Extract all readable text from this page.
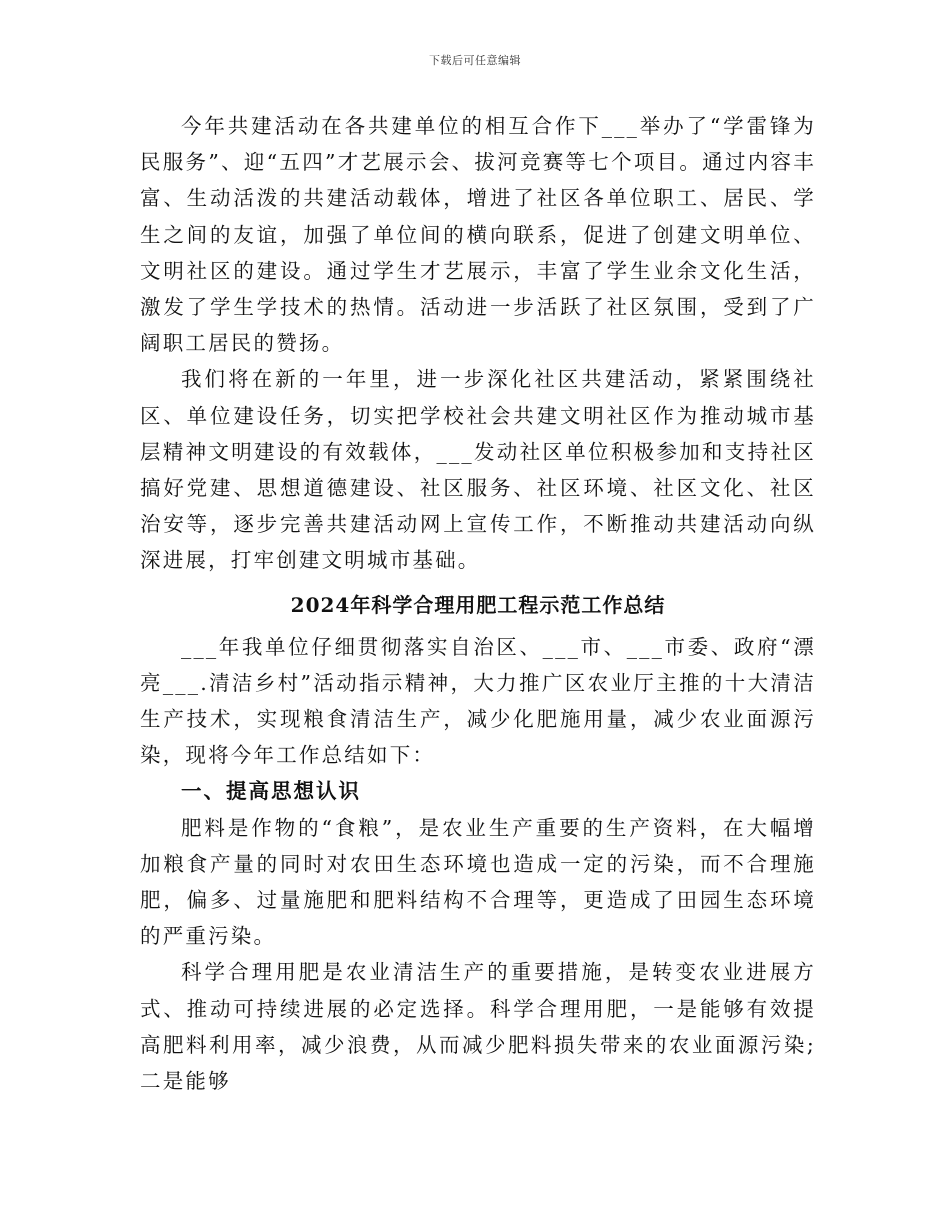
下载后可任意编辑

今年共建活动在各共建单位的相互合作下___举办了“学雷锋为民服务”、迎“五四”才艺展示会、拔河竞赛等七个项目。通过内容丰富、生动活泼的共建活动载体，增进了社区各单位职工、居民、学生之间的友谊，加强了单位间的横向联系，促进了创建文明单位、文明社区的建设。通过学生才艺展示，丰富了学生业余文化生活，激发了学生学技术的热情。活动进一步活跃了社区氛围，受到了广阔职工居民的赞扬。

我们将在新的一年里，进一步深化社区共建活动，紧紧围绕社区、单位建设任务，切实把学校社会共建文明社区作为推动城市基层精神文明建设的有效载体，___发动社区单位积极参加和支持社区搞好党建、思想道德建设、社区服务、社区环境、社区文化、社区治安等，逐步完善共建活动网上宣传工作，不断推动共建活动向纵深进展，打牢创建文明城市基础。

2024年科学合理用肥工程示范工作总结

___年我单位仔细贯彻落实自治区、___市、___市委、政府“漂亮___.清洁乡村”活动指示精神，大力推广区农业厅主推的十大清洁生产技术，实现粮食清洁生产，减少化肥施用量，减少农业面源污染，现将今年工作总结如下：

一、提高思想认识

肥料是作物的“食粮”，是农业生产重要的生产资料，在大幅增加粮食产量的同时对农田生态环境也造成一定的污染，而不合理施肥，偏多、过量施肥和肥料结构不合理等，更造成了田园生态环境的严重污染。

科学合理用肥是农业清洁生产的重要措施，是转变农业进展方式、推动可持续进展的必定选择。科学合理用肥，一是能够有效提高肥料利用率，减少浪费，从而减少肥料损失带来的农业面源污染;二是能够
